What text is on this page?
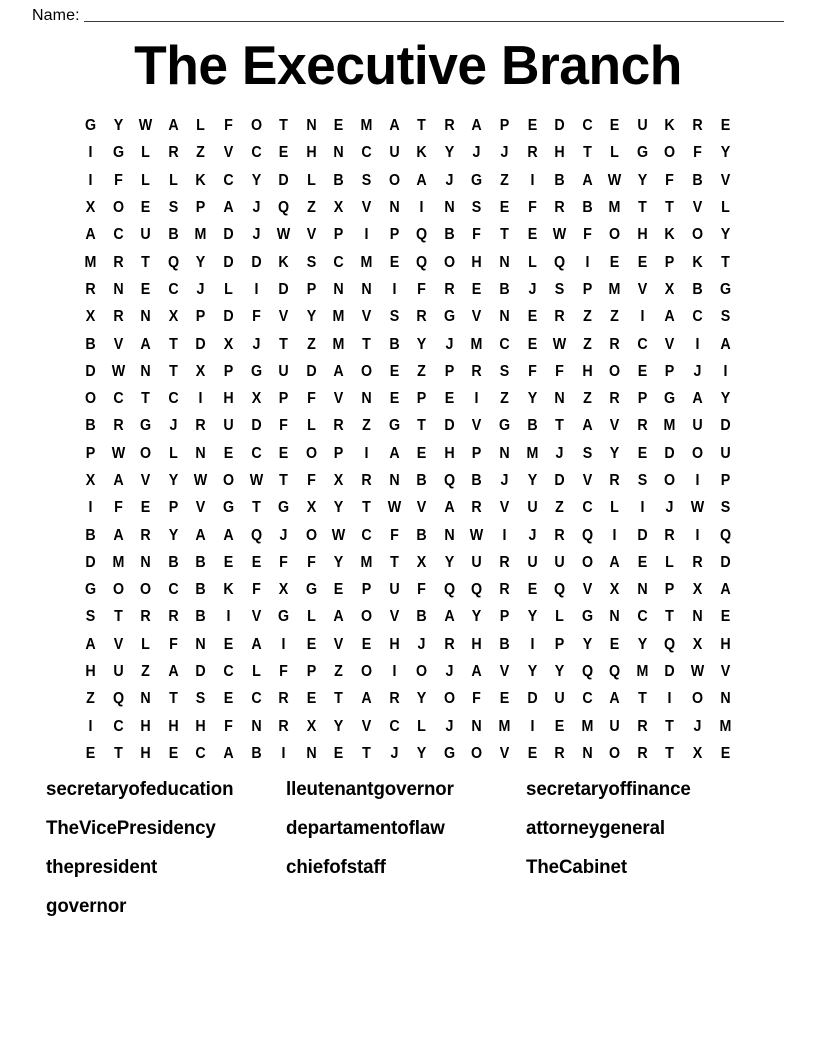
Name:
The Executive Branch
G	Y	W A	L	F	O	T	N	E	M A	T	R A	P	E	D C	E	U K R	E
I	G	L	R	Z	V	C	E	H N C U K	Y	J	J	R H	T	L	G O	F	Y
I	F	L	L	K C	Y	D	L	B	S	O A	J	G	Z	I	B A W	Y	F	B	V
X	O	E	S	P	A	J	Q	Z	X	V	N	I	N	S	E	F	R B M	T	T	V	L
A C U B M D	J	W	V	P	I	P	Q B	F	T	E	W	F	O H K O	Y
M R	T	Q	Y	D D K	S	C M	E	Q O H N	L	Q	I	E	E	P	K	T
R N	E	C	J	L	I	D	P	N N	I	F	R	E	B	J	S	P	M	V	X	B G
X	R N	X	P	D	F	V	Y	M	V	S	R G	V	N	E	R	Z	Z	I	A C	S
B	V	A	T	D	X	J	T	Z	M	T	B	Y	J	M C	E	W	Z	R C	V	I	A
D W N	T	X	P	G U D A O	E	Z	P	R	S	F	F	H O	E	P	J	I
O C	T	C	I	H	X	P	F	V	N	E	P	E	I	Z	Y	N	Z	R	P	G A	Y
B R G	J	R U D	F	L	R	Z	G	T	D	V	G B	T	A	V	R M U D
P	W O	L	N	E	C	E	O	P	I	A	E	H	P	N M	J	S	Y	E	D O U
X	A	V	Y	W O W	T	F	X	R N B Q B	J	Y	D	V	R	S	O	I	P
I	F	E	P	V	G	T	G	X	Y	T	W	V	A R	V	U	Z	C	L	I	J	W	S
B A R	Y	A A Q	J	O W C	F	B N W	I	J	R Q	I	D R	I	Q
D M N B B	E	E	F	F	Y	M	T	X	Y	U R U U O A	E	L	R D
G O O C B K	F	X	G	E	P	U	F	Q Q R	E	Q	V	X	N	P	X	A
S	T	R R B	I	V	G	L	A O	V	B A	Y	P	Y	L	G N C	T	N	E
A	V	L	F	N	E	A	I	E	V	E	H	J	R H B	I	P	Y	E	Y	Q	X	H
H U	Z	A D C	L	F	P	Z	O	I	O	J	A	V	Y	Y	Q Q M D W	V
Z	Q N	T	S	E	C R	E	T	A R	Y	O	F	E	D U C A	T	I	O N
I	C H H H	F	N R	X	Y	V	C	L	J	N M	I	E	M U R	T	J	M
E	T	H	E	C A B	I	N	E	T	J	Y	G O	V	E	R N O R	T	X	E
secretaryofeducation	lleutenantgovernor	secretaryoffinance
TheVicePresidency	departamentoflaw	attorneygeneral
thepresident	chiefofstaff	TheCabinet
governor
